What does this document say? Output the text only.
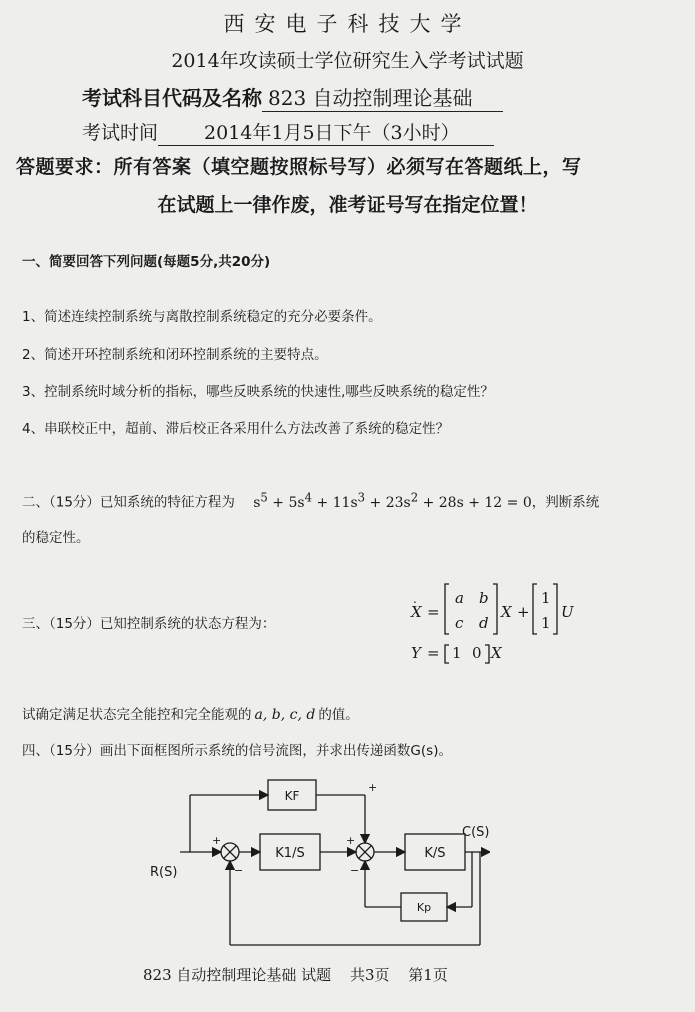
西安电子科技大学
2014年攻读硕士学位研究生入学考试试题
考试科目代码及名称 823 自动控制理论基础
考试时间 2014年1月5日下午（3小时）
答题要求：所有答案（填空题按照标号写）必须写在答题纸上，写
在试题上一律作废，准考证号写在指定位置！
一、简要回答下列问题(每题5分,共20分)
1、简述连续控制系统与离散控制系统稳定的充分必要条件。
2、简述开环控制系统和闭环控制系统的主要特点。
3、控制系统时域分析的指标，哪些反映系统的快速性,哪些反映系统的稳定性？
4、串联校正中，超前、滞后校正各采用什么方法改善了系统的稳定性？
二、（15分）已知系统的特征方程为 $s^5 + 5s^4 + 11s^3 + 23s^2 + 28s + 12 = 0$，判断系统
的稳定性。
三、（15分）已知控制系统的状态方程为：
X
.
=
a b
c d
X +
1
1
U
Y = 1 0 X
试确定满足状态完全能控和完全能观的 a, b, c, d 的值。
四、（15分）画出下面框图所示系统的信号流图，并求出传递函数G(s)。
+
−
+
+
−
KF
K1/S	K/S
Kp
R(S)
C(S)
823 自动控制理论基础 试题 共3页 第1页
